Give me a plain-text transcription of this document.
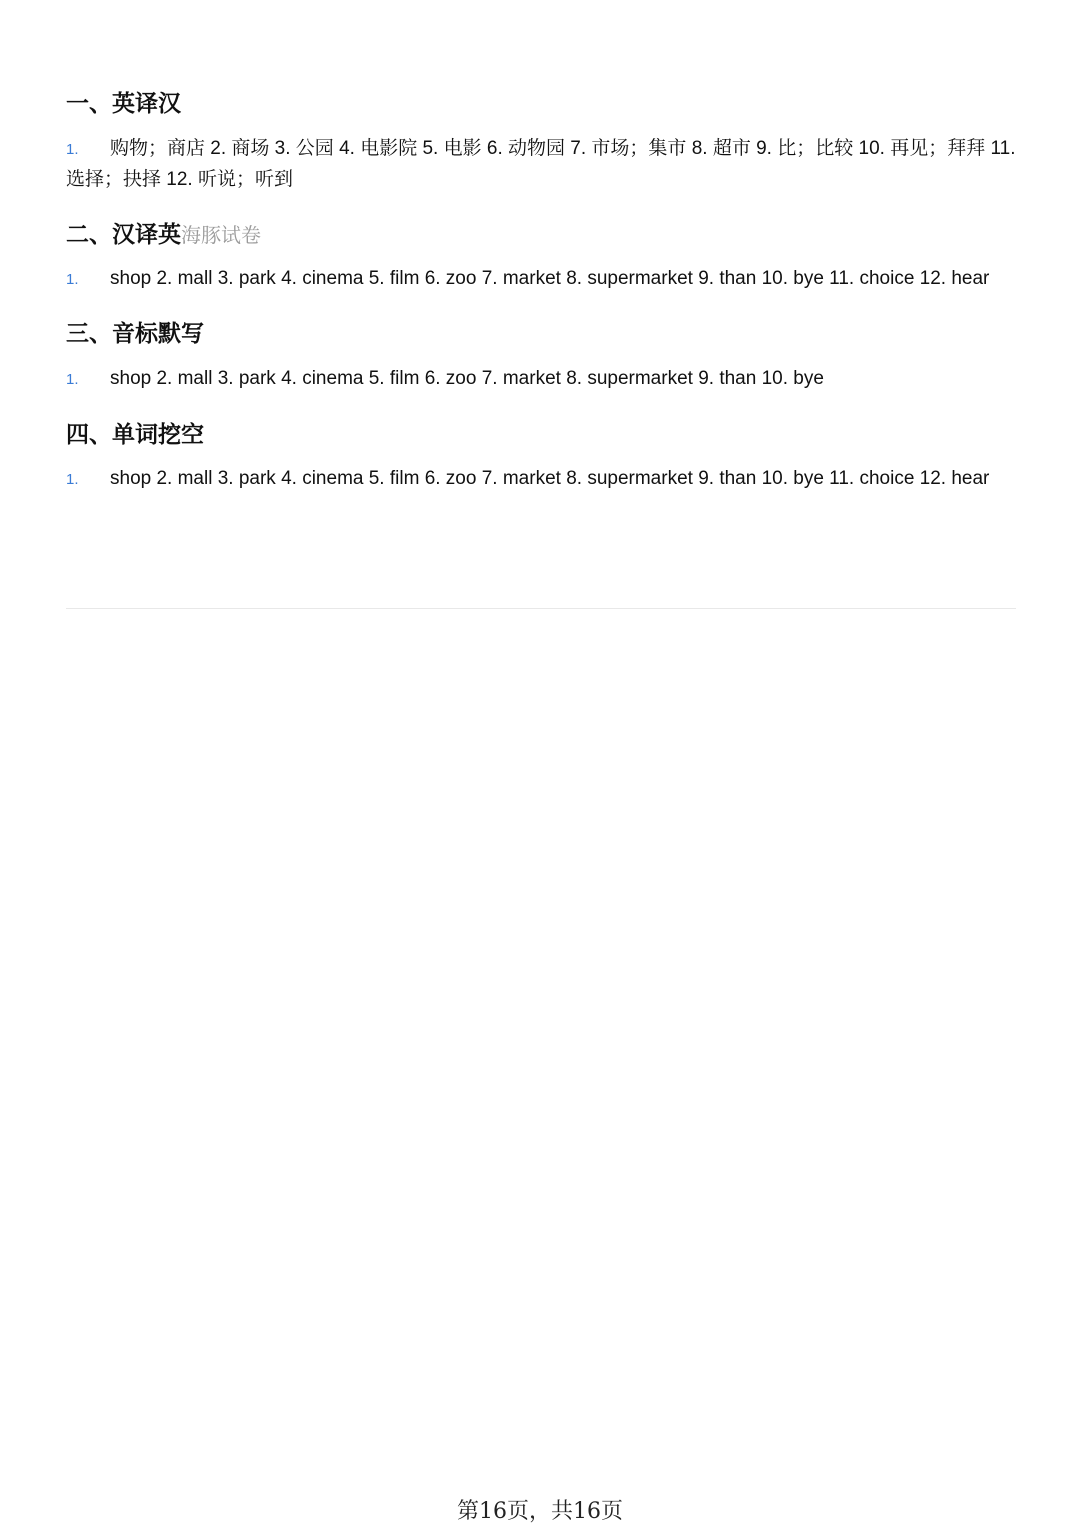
一、英译汉

1. 购物；商店 2. 商场 3. 公园 4. 电影院 5. 电影 6. 动物园 7. 市场；集市 8. 超市 9. 比；比较 10. 再见；拜拜 11. 选择；抉择 12. 听说；听到

二、汉译英海豚试卷

1. shop 2. mall 3. park 4. cinema 5. film 6. zoo 7. market 8. supermarket 9. than 10. bye 11. choice 12. hear

三、音标默写

1. shop 2. mall 3. park 4. cinema 5. film 6. zoo 7. market 8. supermarket 9. than 10. bye

四、单词挖空

1. shop 2. mall 3. park 4. cinema 5. film 6. zoo 7. market 8. supermarket 9. than 10. bye 11. choice 12. hear

第16页，共16页
